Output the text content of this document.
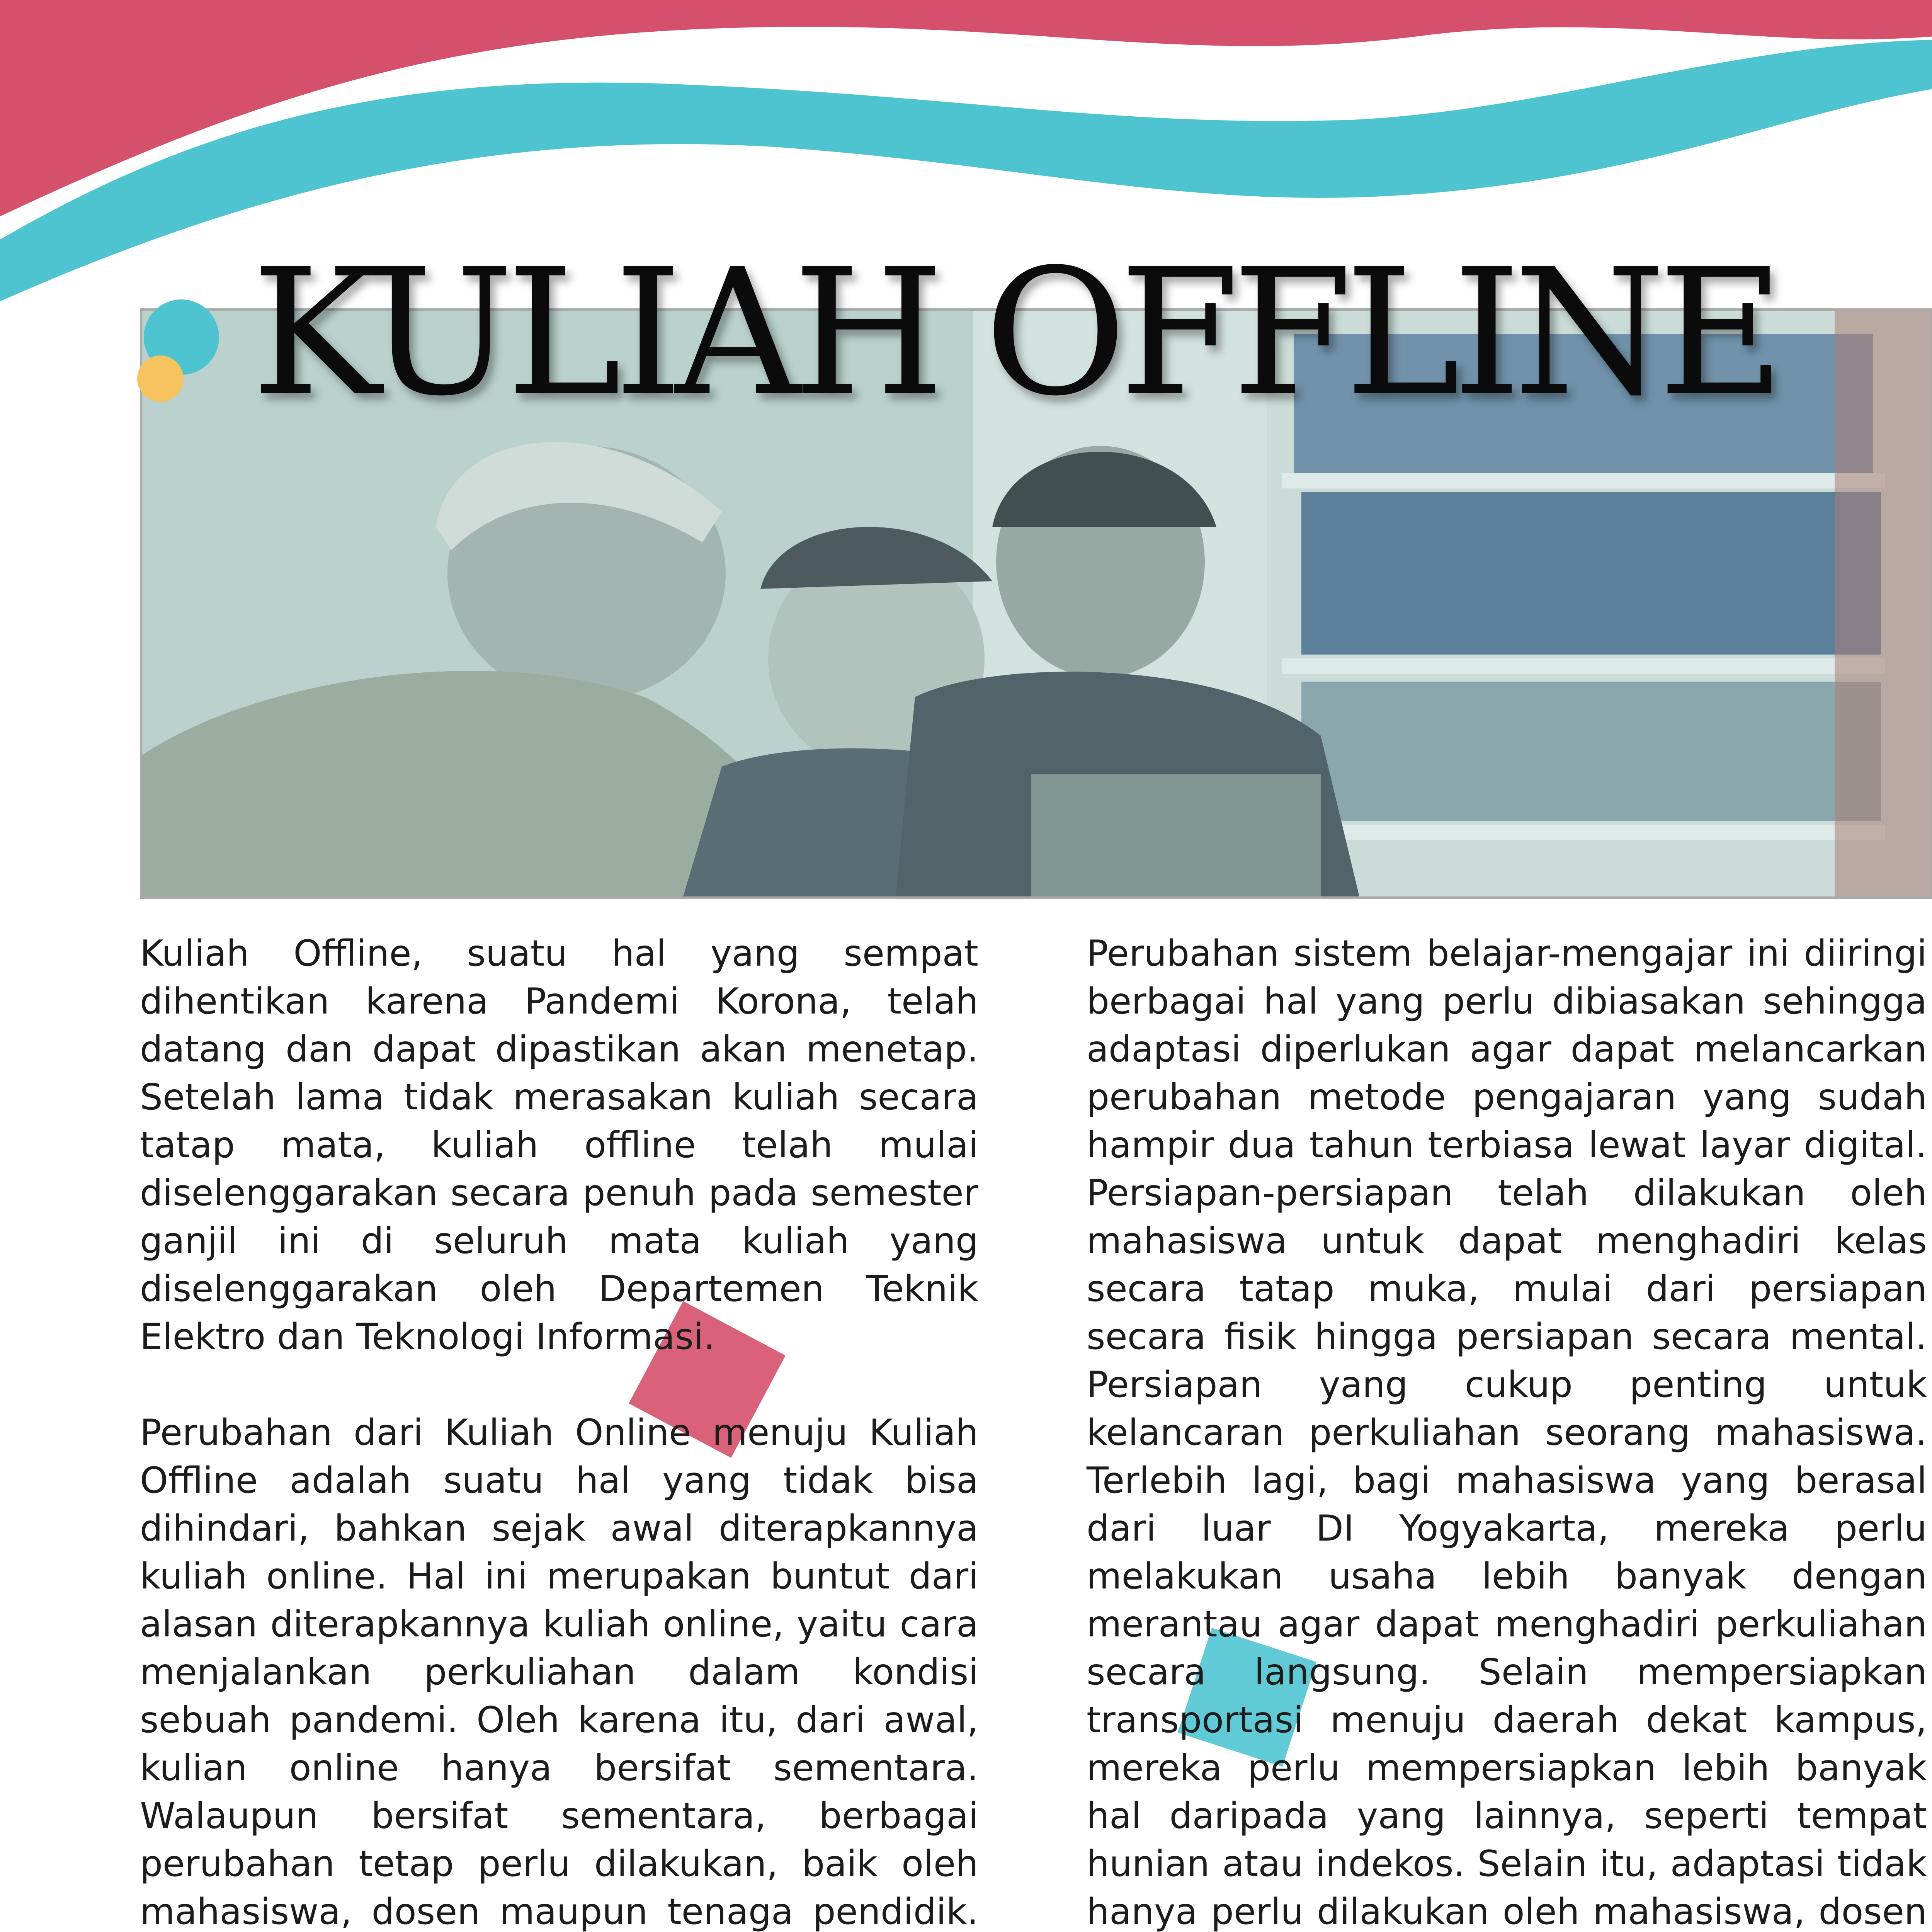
KULIAH OFFLINE

Kuliah Offline, suatu hal yang sempat dihentikan karena Pandemi Korona, telah datang dan dapat dipastikan akan menetap. Setelah lama tidak merasakan kuliah secara tatap mata, kuliah offline telah mulai diselenggarakan secara penuh pada semester ganjil ini di seluruh mata kuliah yang diselenggarakan oleh Departemen Teknik Elektro dan Teknologi Informasi.

Perubahan dari Kuliah Online menuju Kuliah Offline adalah suatu hal yang tidak bisa dihindari, bahkan sejak awal diterapkannya kuliah online. Hal ini merupakan buntut dari alasan diterapkannya kuliah online, yaitu cara menjalankan perkuliahan dalam kondisi sebuah pandemi. Oleh karena itu, dari awal, kulian online hanya bersifat sementara. Walaupun bersifat sementara, berbagai perubahan tetap perlu dilakukan, baik oleh mahasiswa, dosen maupun tenaga pendidik.

Perubahan sistem belajar-mengajar ini diiringi berbagai hal yang perlu dibiasakan sehingga adaptasi diperlukan agar dapat melancarkan perubahan metode pengajaran yang sudah hampir dua tahun terbiasa lewat layar digital. Persiapan-persiapan telah dilakukan oleh mahasiswa untuk dapat menghadiri kelas secara tatap muka, mulai dari persiapan secara fisik hingga persiapan secara mental. Persiapan yang cukup penting untuk kelancaran perkuliahan seorang mahasiswa. Terlebih lagi, bagi mahasiswa yang berasal dari luar DI Yogyakarta, mereka perlu melakukan usaha lebih banyak dengan merantau agar dapat menghadiri perkuliahan secara langsung. Selain mempersiapkan transportasi menuju daerah dekat kampus, mereka perlu mempersiapkan lebih banyak hal daripada yang lainnya, seperti tempat hunian atau indekos. Selain itu, adaptasi tidak hanya perlu dilakukan oleh mahasiswa, dosen
